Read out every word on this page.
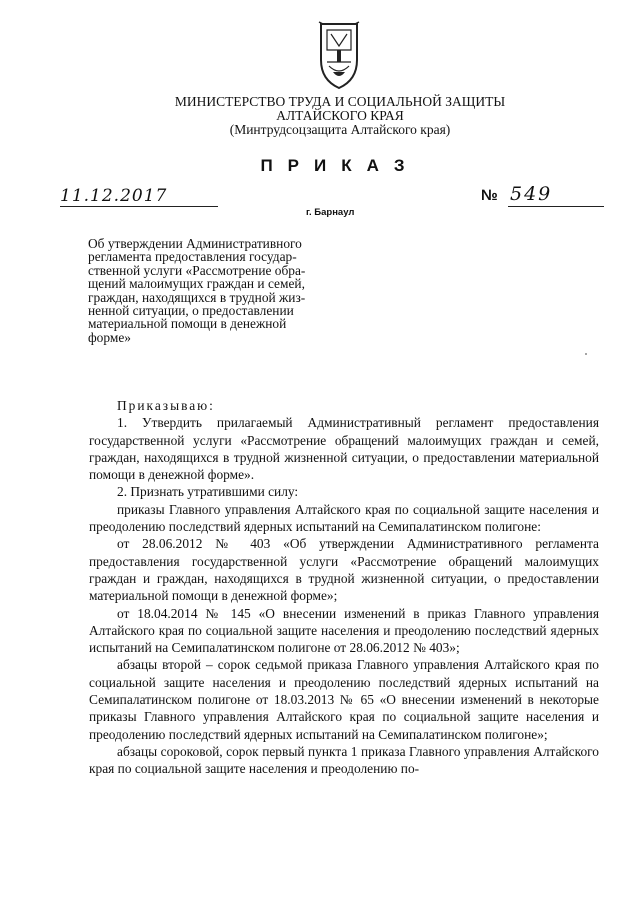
МИНИСТЕРСТВО ТРУДА И СОЦИАЛЬНОЙ ЗАЩИТЫ
АЛТАЙСКОГО КРАЯ
(Минтрудсоцзащита Алтайского края)
ПРИКАЗ
11.12.2017	№ 549
г. Барнаул
Об утверждении Административного
регламента предоставления государ-
ственной услуги «Рассмотрение обра-
щений малоимущих граждан и семей,
граждан, находящихся в трудной жиз-
ненной ситуации, о предоставлении
материальной помощи в денежной
форме»

Приказываю:

1. Утвердить прилагаемый Административный регламент предоставления государственной услуги «Рассмотрение обращений малоимущих граждан и семей, граждан, находящихся в трудной жизненной ситуации, о предоставлении материальной помощи в денежной форме».

2. Признать утратившими силу:

приказы Главного управления Алтайского края по социальной защите населения и преодолению последствий ядерных испытаний на Семипалатинском полигоне:

от 28.06.2012 № 403 «Об утверждении Административного регламента предоставления государственной услуги «Рассмотрение обращений малоимущих граждан и граждан, находящихся в трудной жизненной ситуации, о предоставлении материальной помощи в денежной форме»;

от 18.04.2014 № 145 «О внесении изменений в приказ Главного управления Алтайского края по социальной защите населения и преодолению последствий ядерных испытаний на Семипалатинском полигоне от 28.06.2012 № 403»;

абзацы второй – сорок седьмой приказа Главного управления Алтайского края по социальной защите населения и преодолению последствий ядерных испытаний на Семипалатинском полигоне от 18.03.2013 № 65 «О внесении изменений в некоторые приказы Главного управления Алтайского края по социальной защите населения и преодолению последствий ядерных испытаний на Семипалатинском полигоне»;

абзацы сороковой, сорок первый пункта 1 приказа Главного управления Алтайского края по социальной защите населения и преодолению по-
